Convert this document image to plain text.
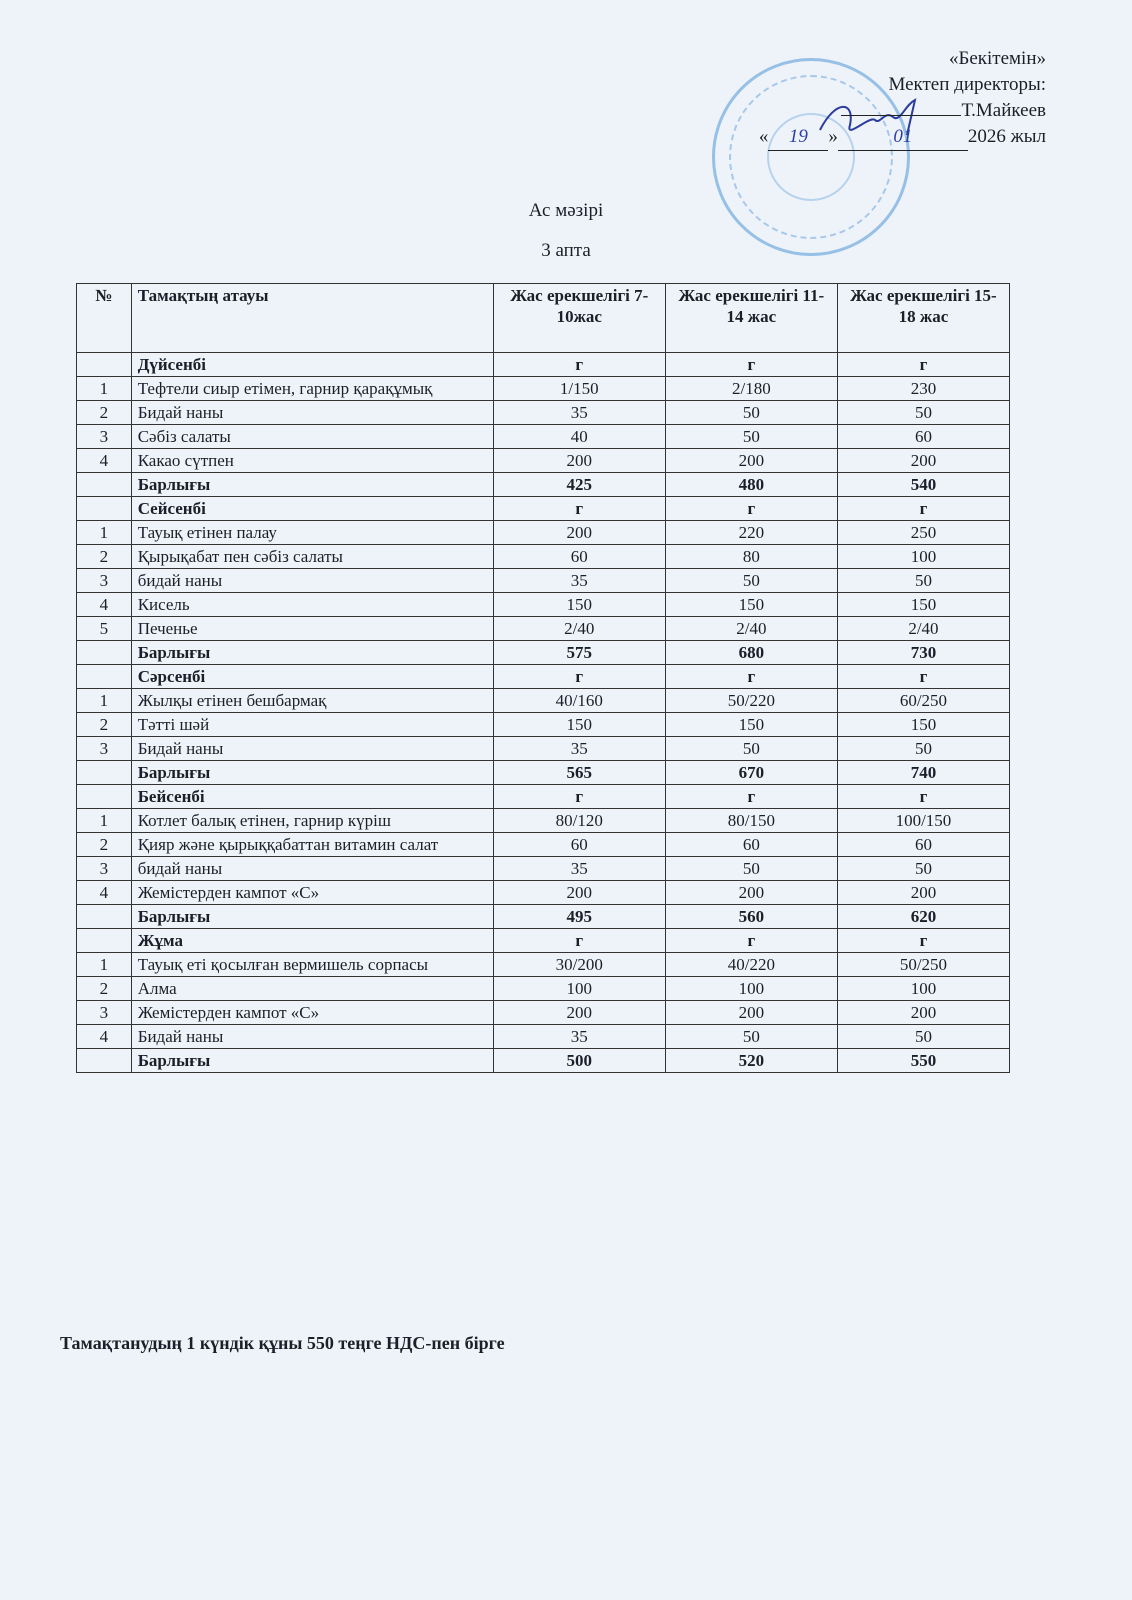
«Бекітемін»
Мектеп директоры:
Т.Майкеев
« 19 »	01	2026 жыл
Ас мәзірі
3 апта
№	Тамақтың атауы	Жас ерекшелігі 7-10жас	Жас ерекшелігі 11-14 жас	Жас ерекшелігі 15-18 жас
	Дүйсенбі	г	г	г
1	Тефтели сиыр етімен, гарнир қарақұмық	1/150	2/180	230
2	Бидай наны	35	50	50
3	Сәбіз салаты	40	50	60
4	Какао сүтпен	200	200	200
	Барлығы	425	480	540
	Сейсенбі	г	г	г
1	Тауық етінен палау	200	220	250
2	Қырықабат пен сәбіз салаты	60	80	100
3	бидай наны	35	50	50
4	Кисель	150	150	150
5	Печенье	2/40	2/40	2/40
	Барлығы	575	680	730
	Сәрсенбі	г	г	г
1	Жылқы етінен бешбармақ	40/160	50/220	60/250
2	Тәтті шәй	150	150	150
3	Бидай наны	35	50	50
	Барлығы	565	670	740
	Бейсенбі	г	г	г
1	Котлет балық етінен, гарнир күріш	80/120	80/150	100/150
2	Қияр және қырыққабаттан витамин салат	60	60	60
3	бидай наны	35	50	50
4	Жемістерден кампот «С»	200	200	200
	Барлығы	495	560	620
	Жұма	г	г	г
1	Тауық еті қосылған вермишель сорпасы	30/200	40/220	50/250
2	Алма	100	100	100
3	Жемістерден кампот «С»	200	200	200
4	Бидай наны	35	50	50
	Барлығы	500	520	550
Тамақтанудың 1 күндік құны 550 теңге НДС-пен бірге
